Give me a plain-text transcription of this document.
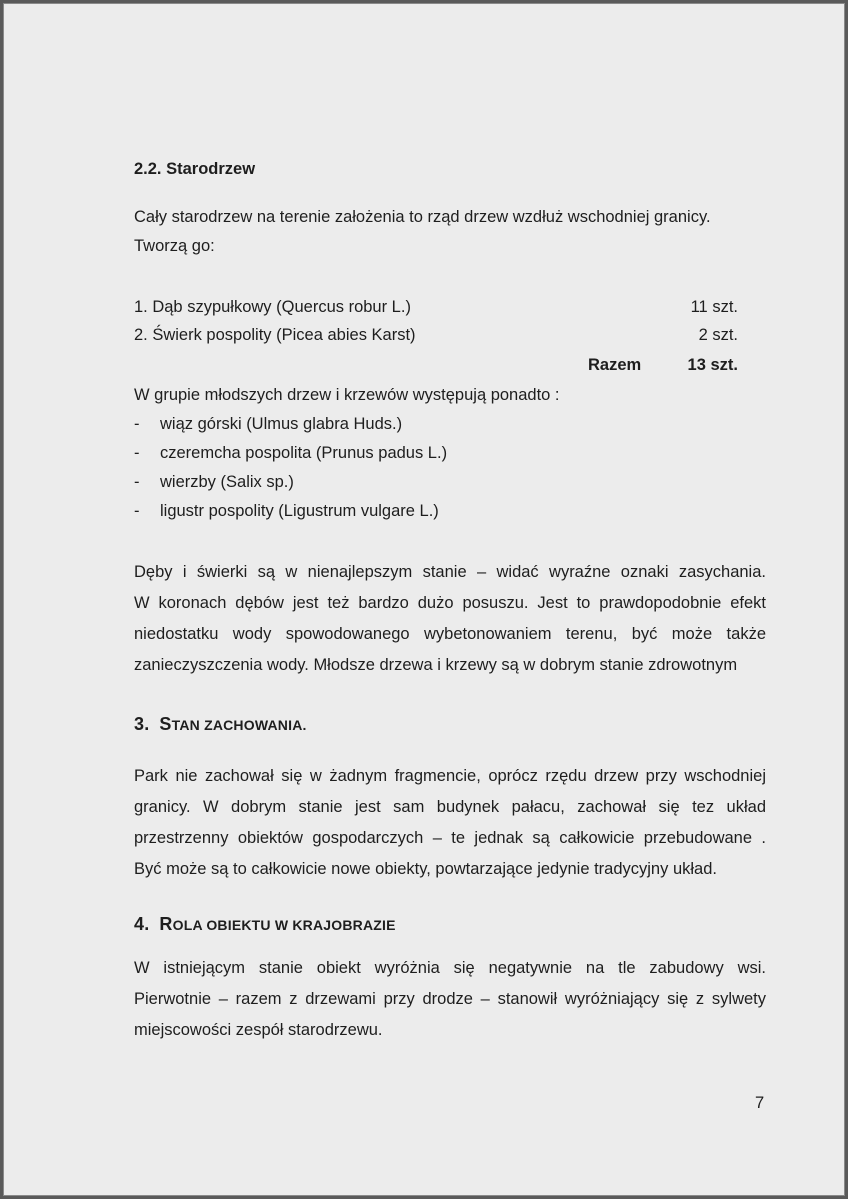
2.2. Starodrzew
Cały starodrzew na terenie założenia to rząd drzew wzdłuż wschodniej granicy.
Tworzą go:
1. Dąb szypułkowy (Quercus robur L.)	11 szt.
2. Świerk pospolity (Picea abies Karst)	2 szt.
Razem	13 szt.
W grupie młodszych drzew i krzewów występują ponadto :
- wiąz górski (Ulmus glabra Huds.)
- czeremcha pospolita (Prunus padus L.)
- wierzby (Salix sp.)
- ligustr pospolity (Ligustrum vulgare L.)
Dęby i świerki są w nienajlepszym stanie – widać wyraźne oznaki zasychania.
W koronach dębów jest też bardzo dużo posuszu. Jest to prawdopodobnie efekt
niedostatku wody spowodowanego wybetonowaniem terenu, być może także
zanieczyszczenia wody. Młodsze drzewa i krzewy są w dobrym stanie zdrowotnym
3. STAN ZACHOWANIA.
Park nie zachował się w żadnym fragmencie, oprócz rzędu drzew przy wschodniej
granicy. W dobrym stanie jest sam budynek pałacu, zachował się tez układ
przestrzenny obiektów gospodarczych – te jednak są całkowicie przebudowane .
Być może są to całkowicie nowe obiekty, powtarzające jedynie tradycyjny układ.
4. ROLA OBIEKTU W KRAJOBRAZIE
W istniejącym stanie obiekt wyróżnia się negatywnie na tle zabudowy wsi.
Pierwotnie – razem z drzewami przy drodze – stanowił wyróżniający się z sylwety
miejscowości zespół starodrzewu.
7
